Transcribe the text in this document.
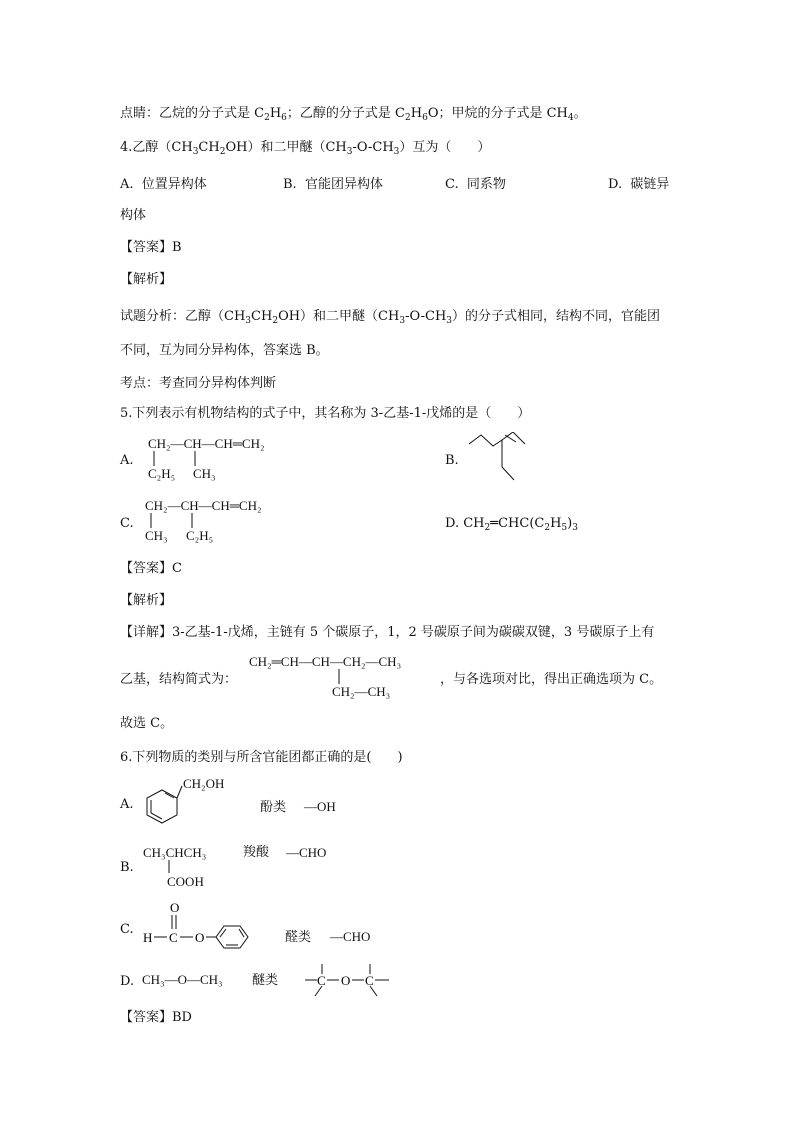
点睛：乙烷的分子式是 $C_2H_6$；乙醇的分子式是 $C_2H_6O$；甲烷的分子式是 $CH_4$。
4.乙醇$(CH_3CH_2OH)$和二甲醚$(CH_3-O-CH_3)$互为（　　）
A. 位置异构体	B. 官能团异构体	C. 同系物	D. 碳链异
构体
【答案】B
【解析】
试题分析：乙醇$(CH_3CH_2OH)$和二甲醚$(CH_3-O-CH_3)$的分子式相同，结构不同，官能团
不同，互为同分异构体，答案选 B。
考点：考查同分异构体判断
5.下列表示有机物结构的式子中，其名称为 3-乙基-1-戊烯的是（　　）
A.
CH₂—CH—CH═CH₂
C₂H₅ CH₃
B.
C.
CH₂—CH—CH═CH₂
CH₃ C₂H₅
D. $CH_2═CHC(C_2H_5)_3$
【答案】C
【解析】
【详解】3-乙基-1-戊烯，主链有 5 个碳原子，1，2 号碳原子间为碳碳双键，3 号碳原子上有
CH₂═CH—CH—CH₂—CH₃
CH₂—CH₃
乙基，结构简式为：	，与各选项对比，得出正确选项为 C。
故选 C。
6.下列物质的类别与所含官能团都正确的是(　　)
A.
CH₂OH
酚类 —OH
B.
CH₃CHCH₃
COOH
羧酸 —CHO
C.
O
H C O	醛类 —CHO
D. CH₃—O—CH₃ 醚类	C O C
【答案】BD
